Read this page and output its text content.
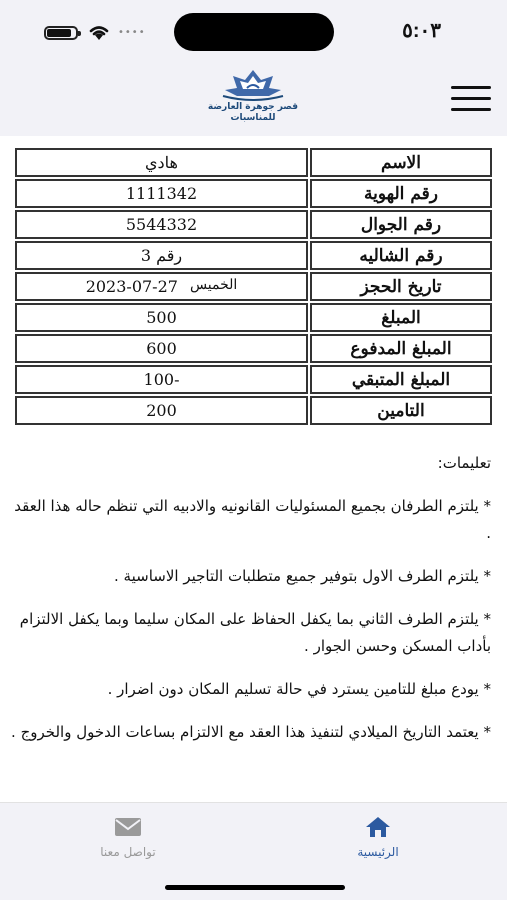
••••	٥:٠٣
قصر جوهرة العارضة
للمناسبات
هادي	الاسم
1111342	رقم الهوية
5544332	رقم الجوال
رقم 3	رقم الشاليه

2023-07-27 الخميس	تاريخ الحجز
500	المبلغ
600	المبلغ المدفوع
-100	المبلغ المتبقي
200	التامين
تعليمات:

* يلتزم الطرفان بجميع المسئوليات القانونيه والادبيه التي تنظم حاله هذا العقد .

* يلتزم الطرف الاول بتوفير جميع متطلبات التاجير الاساسية .

* يلتزم الطرف الثاني بما يكفل الحفاظ على المكان سليما وبما يكفل الالتزام بأداب المسكن وحسن الجوار .

* يودع مبلغ للتامين يسترد في حالة تسليم المكان دون اضرار .

* يعتمد التاريخ الميلادي لتنفيذ هذا العقد مع الالتزام بساعات الدخول والخروج .

تواصل معنا	الرئيسية
